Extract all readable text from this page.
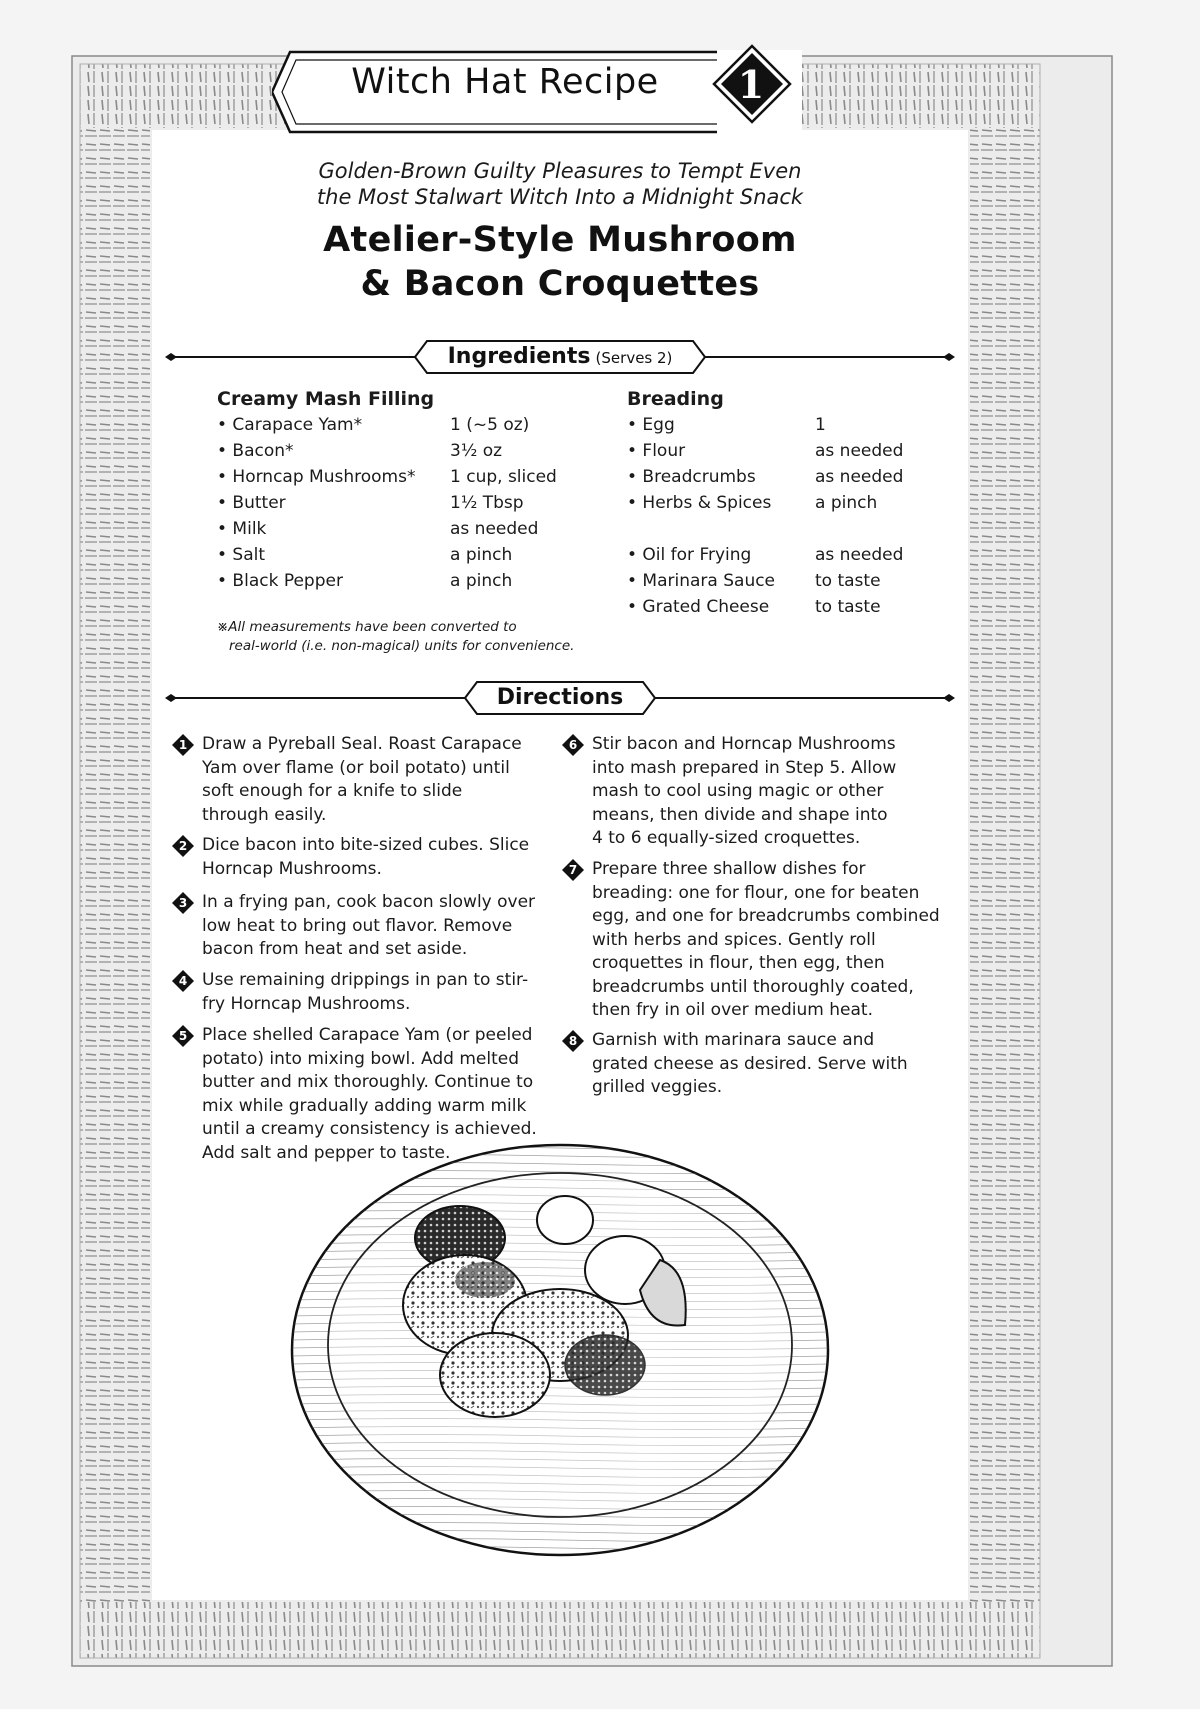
Witch Hat Recipe	1
Golden-Brown Guilty Pleasures to Tempt Even
the Most Stalwart Witch Into a Midnight Snack
Atelier-Style Mushroom
& Bacon Croquettes
Ingredients (Serves 2)
Creamy Mash Filling
• Carapace Yam*	1 (~5 oz)
• Bacon*	3½ oz
• Horncap Mushrooms* 1 cup, sliced
• Butter	1½ Tbsp
• Milk	as needed
• Salt	a pinch
• Black Pepper	a pinch
Breading
• Egg	1
• Flour	as needed
• Breadcrumbs	as needed
• Herbs & Spices	a pinch
• Oil for Frying	as needed
• Marinara Sauce to taste
• Grated Cheese	to taste
※All measurements have been converted to
real-world (i.e. non-magical) units for convenience.
Directions
1 Draw a Pyreball Seal. Roast Carapace
Yam over flame (or boil potato) until
soft enough for a knife to slide
through easily.
2 Dice bacon into bite-sized cubes. Slice
Horncap Mushrooms.
3 In a frying pan, cook bacon slowly over
low heat to bring out flavor. Remove
bacon from heat and set aside.
4 Use remaining drippings in pan to stir-
fry Horncap Mushrooms.
5 Place shelled Carapace Yam (or peeled
potato) into mixing bowl. Add melted
butter and mix thoroughly. Continue to
mix while gradually adding warm milk
until a creamy consistency is achieved.
Add salt and pepper to taste.
6 Stir bacon and Horncap Mushrooms
into mash prepared in Step 5. Allow
mash to cool using magic or other
means, then divide and shape into
4 to 6 equally-sized croquettes.
7 Prepare three shallow dishes for
breading: one for flour, one for beaten
egg, and one for breadcrumbs combined
with herbs and spices. Gently roll
croquettes in flour, then egg, then
breadcrumbs until thoroughly coated,
then fry in oil over medium heat.
8 Garnish with marinara sauce and
grated cheese as desired. Serve with
grilled veggies.
